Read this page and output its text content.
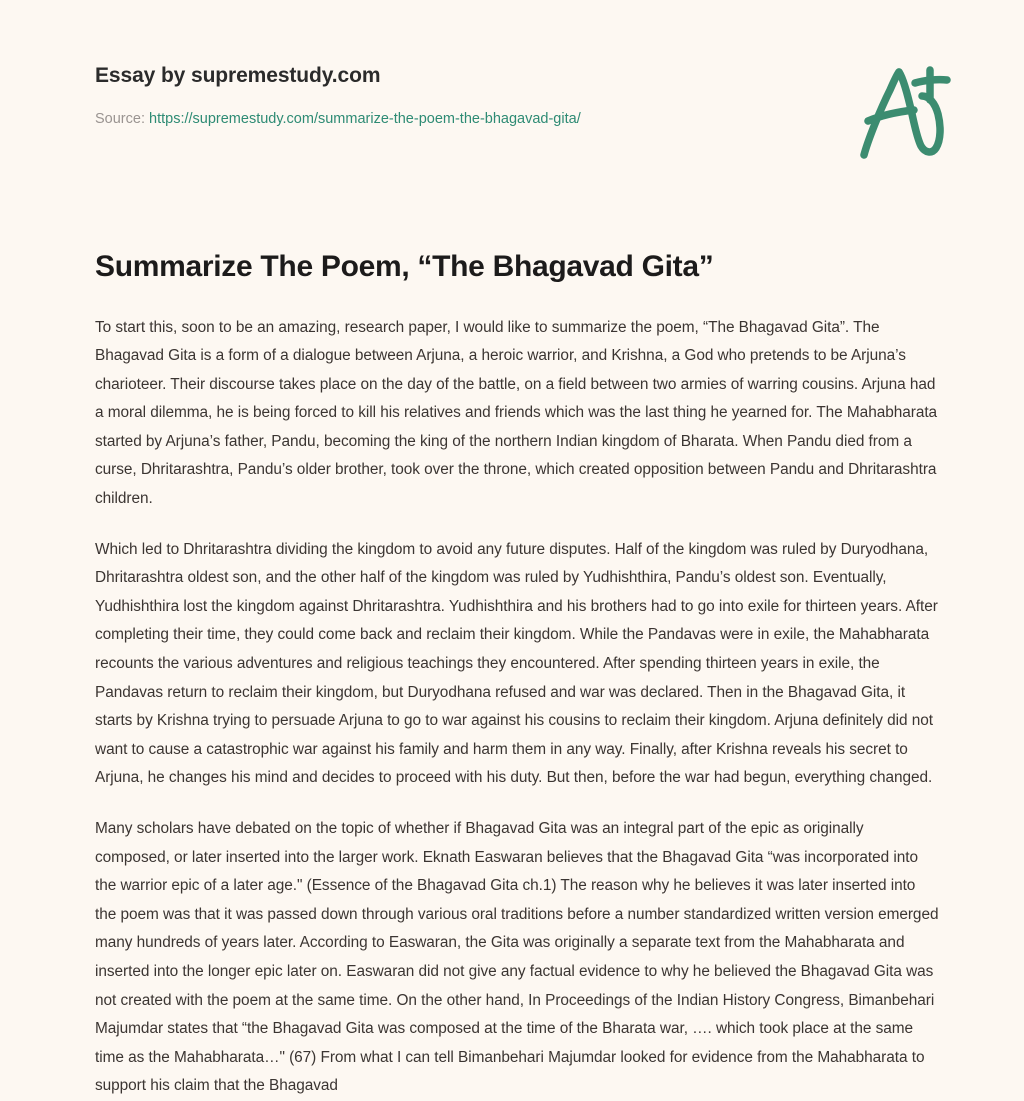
Essay by supremestudy.com
Source: https://supremestudy.com/summarize-the-poem-the-bhagavad-gita/
Summarize The Poem, “The Bhagavad Gita”

To start this, soon to be an amazing, research paper, I would like to summarize the poem, “The Bhagavad Gita”. The Bhagavad Gita is a form of a dialogue between Arjuna, a heroic warrior, and Krishna, a God who pretends to be Arjuna’s charioteer. Their discourse takes place on the day of the battle, on a field between two armies of warring cousins. Arjuna had a moral dilemma, he is being forced to kill his relatives and friends which was the last thing he yearned for. The Mahabharata started by Arjuna’s father, Pandu, becoming the king of the northern Indian kingdom of Bharata. When Pandu died from a curse, Dhritarashtra, Pandu’s older brother, took over the throne, which created opposition between Pandu and Dhritarashtra children.

Which led to Dhritarashtra dividing the kingdom to avoid any future disputes. Half of the kingdom was ruled by Duryodhana, Dhritarashtra oldest son, and the other half of the kingdom was ruled by Yudhishthira, Pandu’s oldest son. Eventually, Yudhishthira lost the kingdom against Dhritarashtra. Yudhishthira and his brothers had to go into exile for thirteen years. After completing their time, they could come back and reclaim their kingdom. While the Pandavas were in exile, the Mahabharata recounts the various adventures and religious teachings they encountered. After spending thirteen years in exile, the Pandavas return to reclaim their kingdom, but Duryodhana refused and war was declared. Then in the Bhagavad Gita, it starts by Krishna trying to persuade Arjuna to go to war against his cousins to reclaim their kingdom. Arjuna definitely did not want to cause a catastrophic war against his family and harm them in any way. Finally, after Krishna reveals his secret to Arjuna, he changes his mind and decides to proceed with his duty. But then, before the war had begun, everything changed.

Many scholars have debated on the topic of whether if Bhagavad Gita was an integral part of the epic as originally composed, or later inserted into the larger work. Eknath Easwaran believes that the Bhagavad Gita “was incorporated into the warrior epic of a later age." (Essence of the Bhagavad Gita ch.1) The reason why he believes it was later inserted into the poem was that it was passed down through various oral traditions before a number standardized written version emerged many hundreds of years later. According to Easwaran, the Gita was originally a separate text from the Mahabharata and inserted into the longer epic later on. Easwaran did not give any factual evidence to why he believed the Bhagavad Gita was not created with the poem at the same time. On the other hand, In Proceedings of the Indian History Congress, Bimanbehari Majumdar states that “the Bhagavad Gita was composed at the time of the Bharata war, …. which took place at the same time as the Mahabharata…" (67) From what I can tell Bimanbehari Majumdar looked for evidence from the Mahabharata to support his claim that the Bhagavad
